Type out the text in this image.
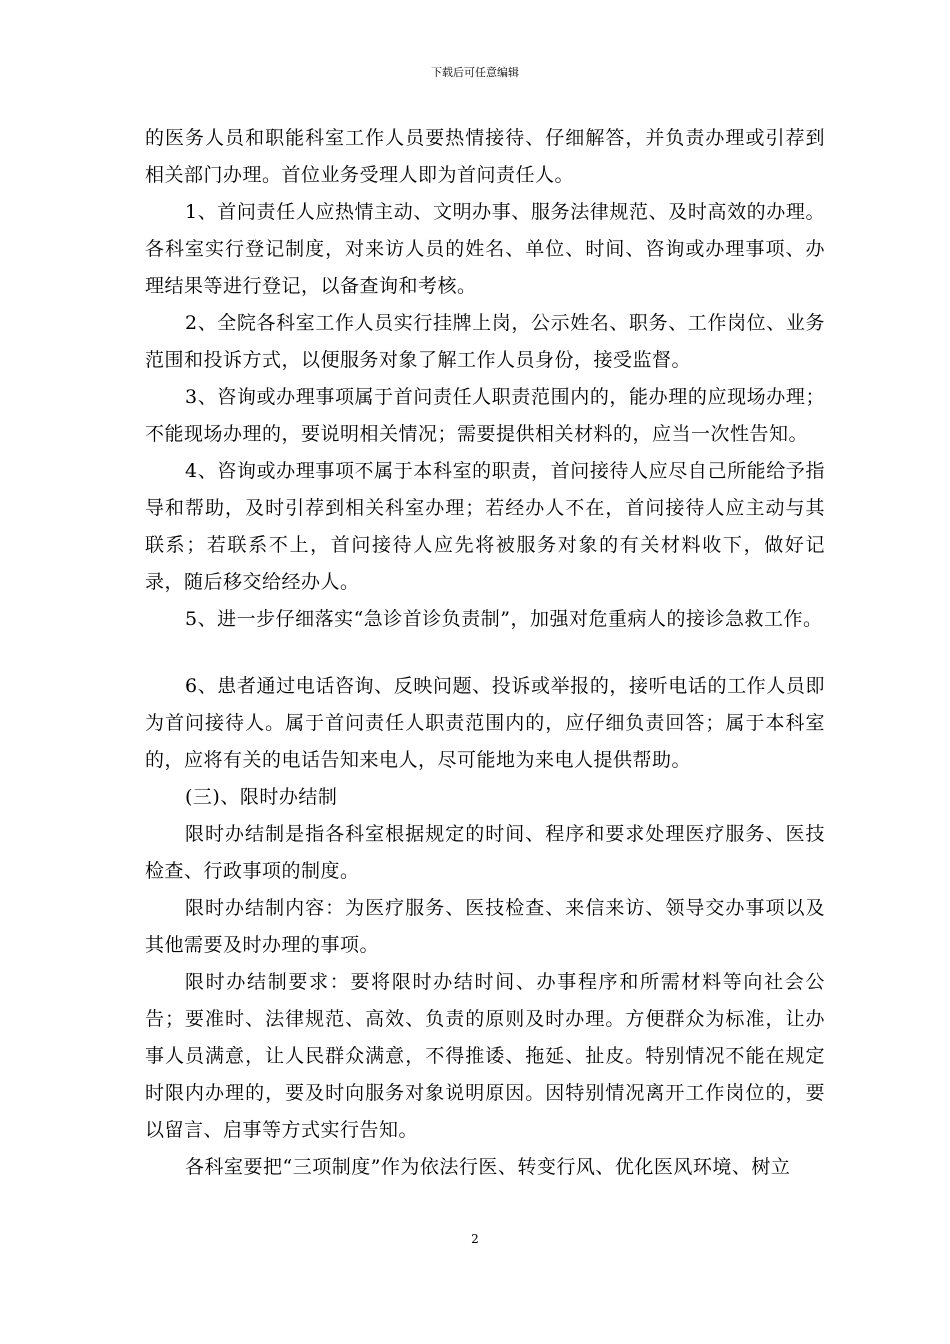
下载后可任意编辑

的医务人员和职能科室工作人员要热情接待、仔细解答，并负责办理或引荐到相关部门办理。首位业务受理人即为首问责任人。

1、首问责任人应热情主动、文明办事、服务法律规范、及时高效的办理。各科室实行登记制度，对来访人员的姓名、单位、时间、咨询或办理事项、办理结果等进行登记，以备查询和考核。

2、全院各科室工作人员实行挂牌上岗，公示姓名、职务、工作岗位、业务范围和投诉方式，以便服务对象了解工作人员身份，接受监督。

3、咨询或办理事项属于首问责任人职责范围内的，能办理的应现场办理；不能现场办理的，要说明相关情况；需要提供相关材料的，应当一次性告知。

4、咨询或办理事项不属于本科室的职责，首问接待人应尽自己所能给予指导和帮助，及时引荐到相关科室办理；若经办人不在，首问接待人应主动与其联系；若联系不上，首问接待人应先将被服务对象的有关材料收下，做好记录，随后移交给经办人。

5、进一步仔细落实“急诊首诊负责制”，加强对危重病人的接诊急救工作。

6、患者通过电话咨询、反映问题、投诉或举报的，接听电话的工作人员即为首问接待人。属于首问责任人职责范围内的，应仔细负责回答；属于本科室的，应将有关的电话告知来电人，尽可能地为来电人提供帮助。

(三)、限时办结制

限时办结制是指各科室根据规定的时间、程序和要求处理医疗服务、医技检查、行政事项的制度。

限时办结制内容：为医疗服务、医技检查、来信来访、领导交办事项以及其他需要及时办理的事项。

限时办结制要求：要将限时办结时间、办事程序和所需材料等向社会公告；要准时、法律规范、高效、负责的原则及时办理。方便群众为标准，让办事人员满意，让人民群众满意，不得推诿、拖延、扯皮。特别情况不能在规定时限内办理的，要及时向服务对象说明原因。因特别情况离开工作岗位的，要以留言、启事等方式实行告知。

各科室要把“三项制度”作为依法行医、转变行风、优化医风环境、树立

2
